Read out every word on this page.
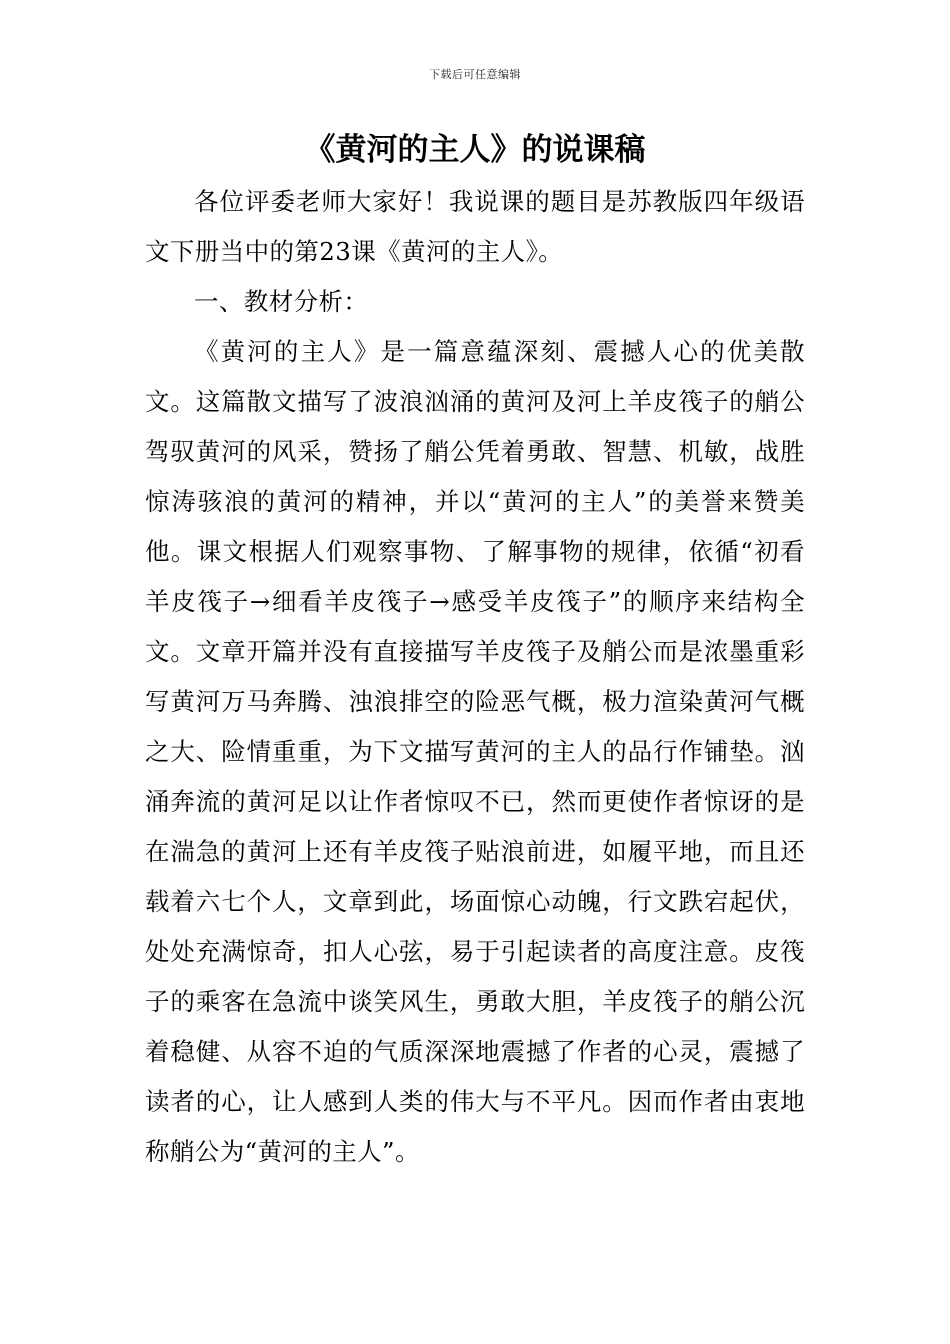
下载后可任意编辑
《黄河的主人》的说课稿

各位评委老师大家好！我说课的题目是苏教版四年级语文下册当中的第23课《黄河的主人》。

一、教材分析：

《黄河的主人》是一篇意蕴深刻、震撼人心的优美散文。这篇散文描写了波浪汹涌的黄河及河上羊皮筏子的艄公驾驭黄河的风采，赞扬了艄公凭着勇敢、智慧、机敏，战胜惊涛骇浪的黄河的精神，并以“黄河的主人”的美誉来赞美他。课文根据人们观察事物、了解事物的规律，依循“初看羊皮筏子→细看羊皮筏子→感受羊皮筏子”的顺序来结构全文。文章开篇并没有直接描写羊皮筏子及艄公而是浓墨重彩写黄河万马奔腾、浊浪排空的险恶气概，极力渲染黄河气概之大、险情重重，为下文描写黄河的主人的品行作铺垫。汹涌奔流的黄河足以让作者惊叹不已，然而更使作者惊讶的是在湍急的黄河上还有羊皮筏子贴浪前进，如履平地，而且还载着六七个人，文章到此，场面惊心动魄，行文跌宕起伏，处处充满惊奇，扣人心弦，易于引起读者的高度注意。皮筏子的乘客在急流中谈笑风生，勇敢大胆，羊皮筏子的艄公沉着稳健、从容不迫的气质深深地震撼了作者的心灵，震撼了读者的心，让人感到人类的伟大与不平凡。因而作者由衷地称艄公为“黄河的主人”。
